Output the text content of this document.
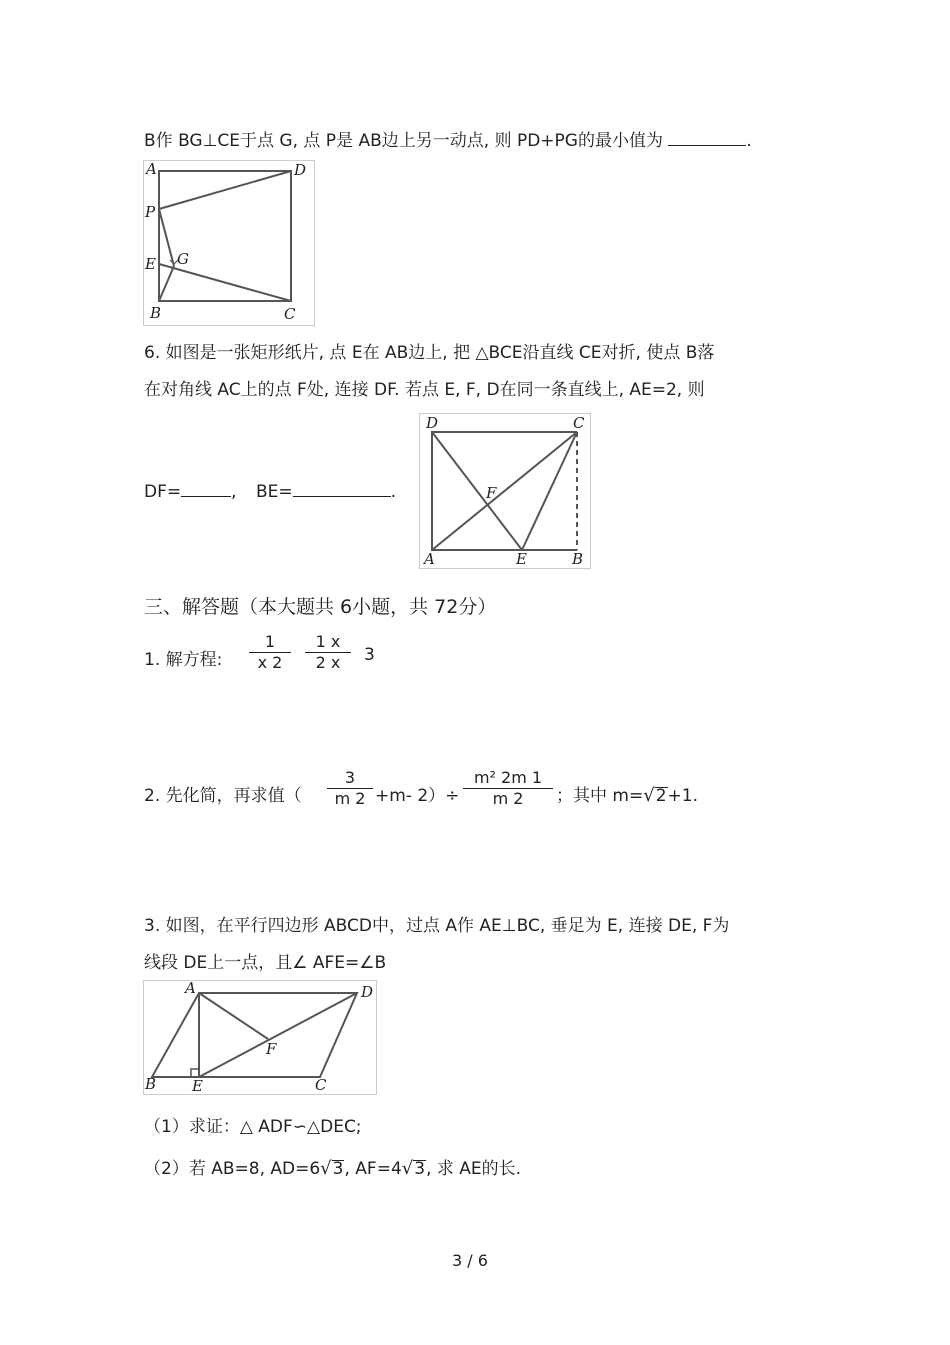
B作 BG⊥CE于点 G, 点 P是 AB边上另一动点, 则 PD+PG的最小值为	.
A	D
P
E G
B	C
6. 如图是一张矩形纸片, 点 E在 AB边上, 把 △BCE沿直线 CE对折, 使点 B落
在对角线 AC上的点 F处, 连接 DF. 若点 E, F, D在同一条直线上, AE=2, 则
DF=	, BE=	.
D	C
F
A	E	B
三、解答题（本大题共 6小题，共 72分）
1. 解方程:
1
x 2
1 x
2 x	3
2. 先化简，再求值（
3
m 2 +m- 2）÷
m² 2m 1
m 2	；其中 m=√2+1.
3. 如图，在平行四边形 ABCD中，过点 A作 AE⊥BC, 垂足为 E, 连接 DE, F为
线段 DE上一点，且∠ AFE=∠B
A	D
F
B E	C
（1）求证：△ ADF∽△DEC;
（2）若 AB=8, AD=6√3, AF=4√3, 求 AE的长.
3 / 6
